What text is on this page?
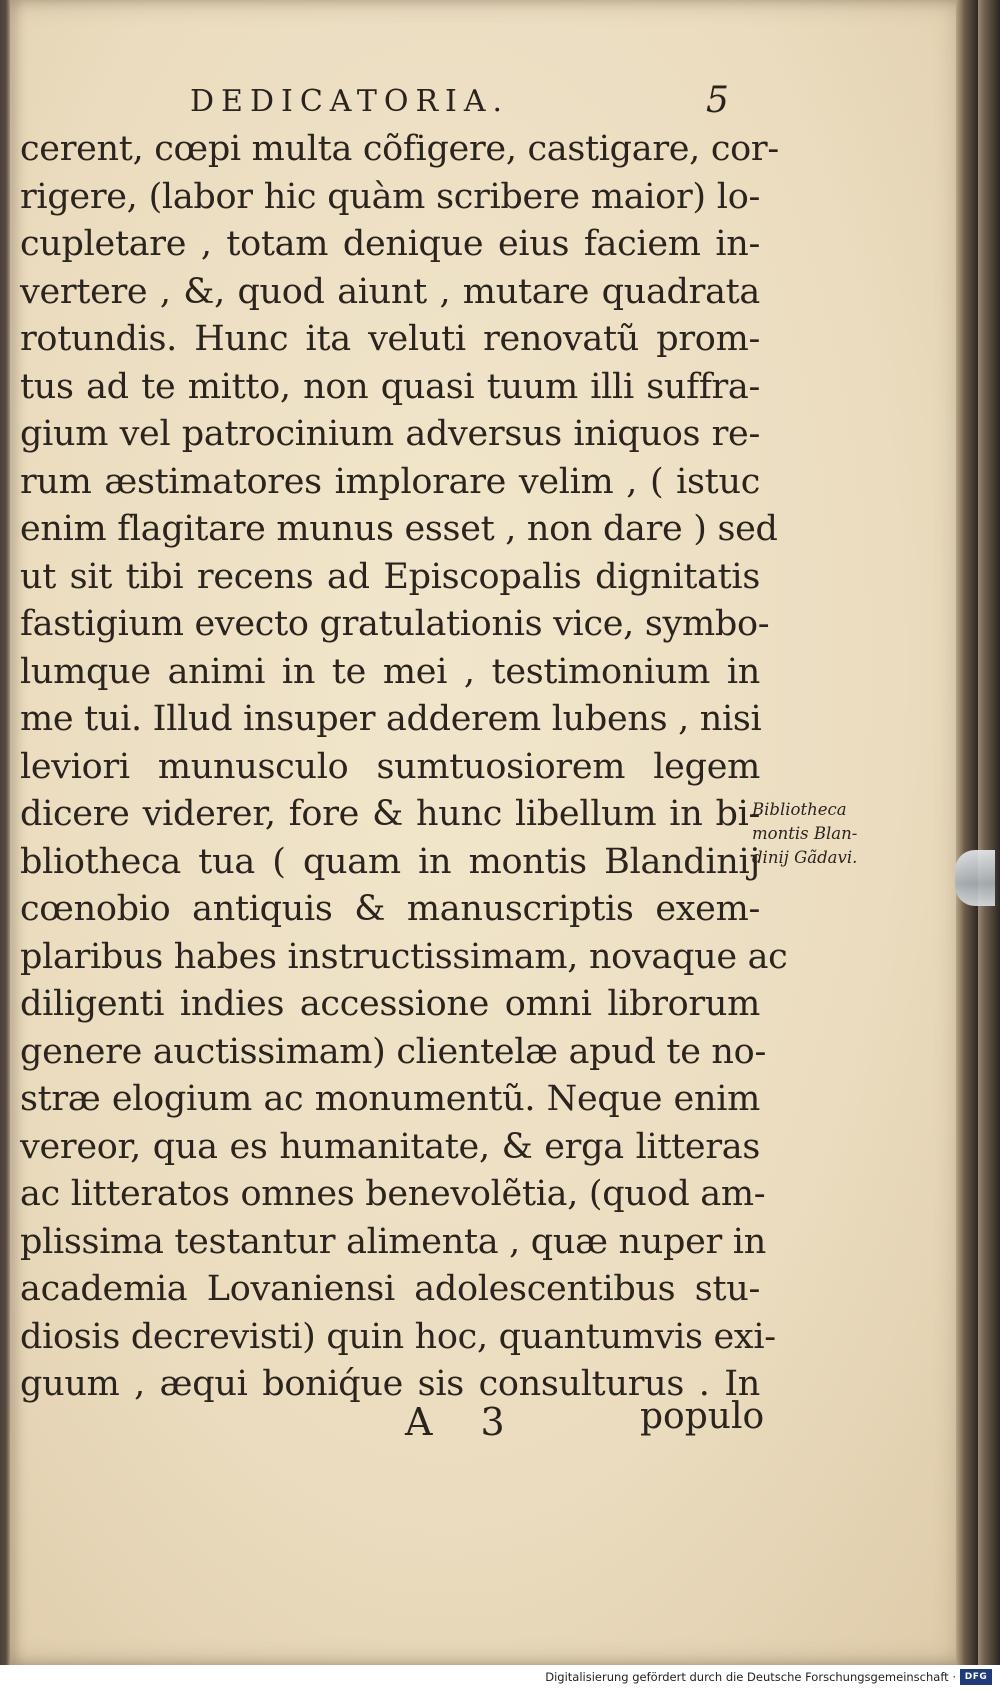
DEDICATORIA.	5
cerent, cœpi multa cõfigere, castigare, cor-
rigere, (labor hic quàm scribere maior) lo-
cupletare , totam denique eius faciem in-
vertere , &, quod aiunt , mutare quadrata
rotundis. Hunc ita veluti renovatũ prom-
tus ad te mitto, non quasi tuum illi suffra-
gium vel patrocinium adversus iniquos re-
rum æstimatores implorare velim , ( istuc
enim flagitare munus esset , non dare ) sed
ut sit tibi recens ad Episcopalis dignitatis
fastigium evecto gratulationis vice, symbo-
lumque animi in te mei , testimonium in
me tui. Illud insuper adderem lubens , nisi
leviori munusculo sumtuosiorem legem
dicere viderer, fore & hunc libellum in bi-
bliotheca tua ( quam in montis Blandinij
cœnobio antiquis & manuscriptis exem-
plaribus habes instructissimam, novaque ac
diligenti indies accessione omni librorum
genere auctissimam) clientelæ apud te no-
stræ elogium ac monumentũ. Neque enim
vereor, qua es humanitate, & erga litteras
ac litteratos omnes benevolẽtia, (quod am-
plissima testantur alimenta , quæ nuper in
academia Lovaniensi adolescentibus stu-
diosis decrevisti) quin hoc, quantumvis exi-
guum , æqui boniq́ue sis consulturus . In
Bibliotheca
montis Blan-
dinij Gãdavi.
A 3	populo
Digitalisierung gefördert durch die Deutsche Forschungsgemeinschaft · DFG
